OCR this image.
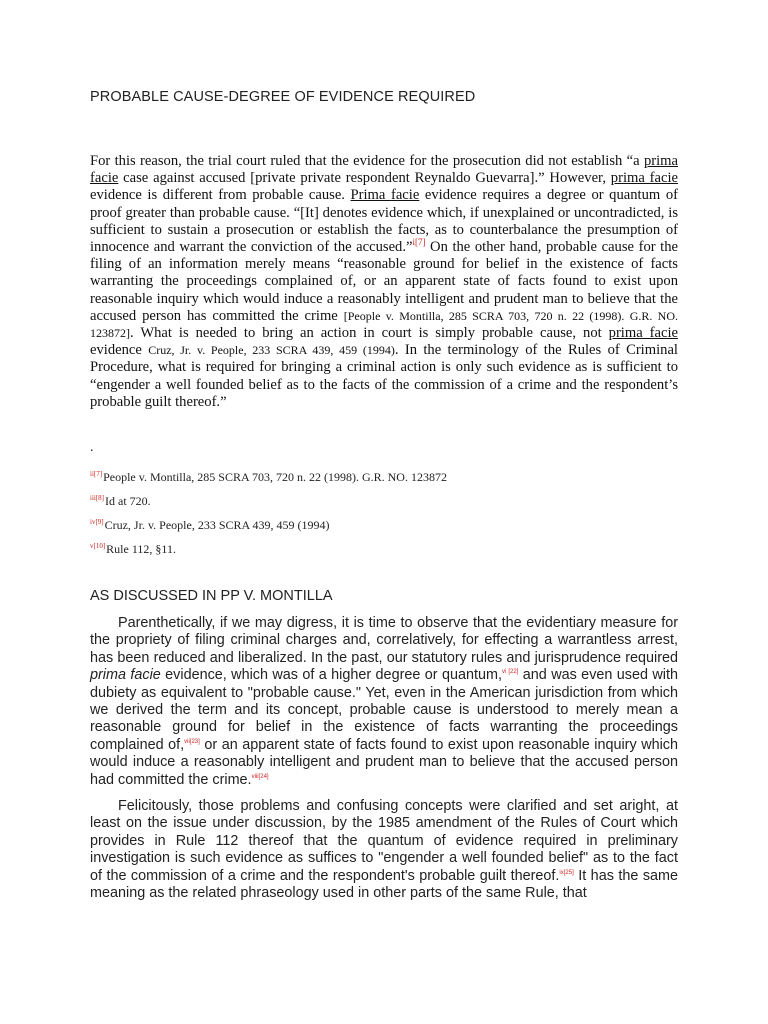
PROBABLE CAUSE-DEGREE OF EVIDENCE REQUIRED
For this reason, the trial court ruled that the evidence for the prosecution did not establish “a prima facie case against accused [private private respondent Reynaldo Guevarra].” However, prima facie evidence is different from probable cause. Prima facie evidence requires a degree or quantum of proof greater than probable cause. “[It] denotes evidence which, if unexplained or uncontradicted, is sufficient to sustain a prosecution or establish the facts, as to counterbalance the presumption of innocence and warrant the conviction of the accused.”$^{i[7]}$ On the other hand, probable cause for the filing of an information merely means “reasonable ground for belief in the existence of facts warranting the proceedings complained of, or an apparent state of facts found to exist upon reasonable inquiry which would induce a reasonably intelligent and prudent man to believe that the accused person has committed the crime [People v. Montilla, 285 SCRA 703, 720 n. 22 (1998). G.R. NO. 123872]. What is needed to bring an action in court is simply probable cause, not prima facie evidence Cruz, Jr. v. People, 233 SCRA 439, 459 (1994). In the terminology of the Rules of Criminal Procedure, what is required for bringing a criminal action is only such evidence as is sufficient to “engender a well founded belief as to the facts of the commission of a crime and the respondent’s probable guilt thereof.”
.
$^{ii[7]}$People v. Montilla, 285 SCRA 703, 720 n. 22 (1998). G.R. NO. 123872
$^{iii[8]}$Id at 720.
$^{iv[9]}$Cruz, Jr. v. People, 233 SCRA 439, 459 (1994)
$^{v[10]}$Rule 112, §11.
AS DISCUSSED IN PP V. MONTILLA

Parenthetically, if we may digress, it is time to observe that the evidentiary measure for the propriety of filing criminal charges and, correlatively, for effecting a warrantless arrest, has been reduced and liberalized. In the past, our statutory rules and jurisprudence required prima facie evidence, which was of a higher degree or quantum,$^{vi [22]}$ and was even used with dubiety as equivalent to "probable cause." Yet, even in the American jurisdiction from which we derived the term and its concept, probable cause is understood to merely mean a reasonable ground for belief in the existence of facts warranting the proceedings complained of,$^{vii[23]}$ or an apparent state of facts found to exist upon reasonable inquiry which would induce a reasonably intelligent and prudent man to believe that the accused person had committed the crime.$^{viii[24]}$

Felicitously, those problems and confusing concepts were clarified and set aright, at least on the issue under discussion, by the 1985 amendment of the Rules of Court which provides in Rule 112 thereof that the quantum of evidence required in preliminary investigation is such evidence as suffices to "engender a well founded belief" as to the fact of the commission of a crime and the respondent's probable guilt thereof.$^{ix[25]}$ It has the same meaning as the related phraseology used in other parts of the same Rule, that
